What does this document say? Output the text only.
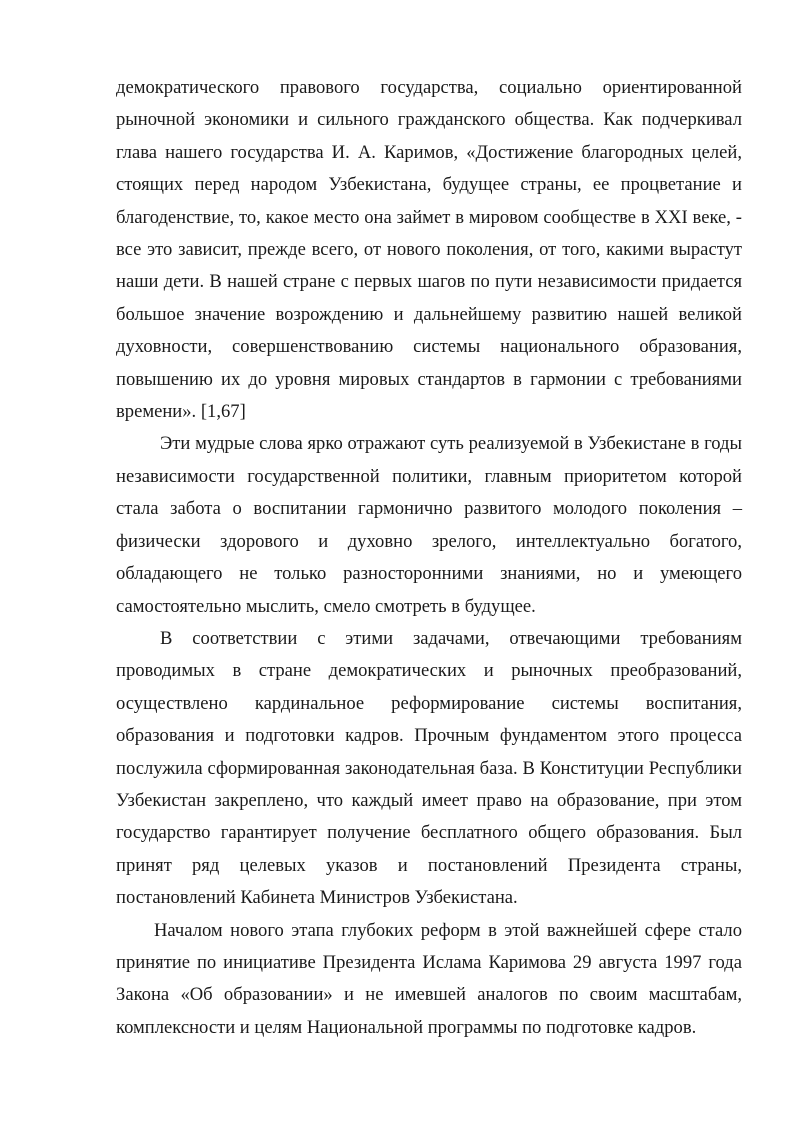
демократического правового государства, социально ориентированной рыночной экономики и сильного гражданского общества. Как подчеркивал глава нашего государства И. А. Каримов, «Достижение благородных целей, стоящих перед народом Узбекистана, будущее страны, ее процветание и благоденствие, то, какое место она займет в мировом сообществе в XXI веке, - все это зависит, прежде всего, от нового поколения, от того, какими вырастут наши дети. В нашей стране с первых шагов по пути независимости придается большое значение возрождению и дальнейшему развитию нашей великой духовности, совершенствованию системы национального образования, повышению их до уровня мировых стандартов в гармонии с требованиями времени». [1,67]

Эти мудрые слова ярко отражают суть реализуемой в Узбекистане в годы независимости государственной политики, главным приоритетом которой стала забота о воспитании гармонично развитого молодого поколения – физически здорового и духовно зрелого, интеллектуально богатого, обладающего не только разносторонними знаниями, но и умеющего самостоятельно мыслить, смело смотреть в будущее.

В соответствии с этими задачами, отвечающими требованиям проводимых в стране демократических и рыночных преобразований, осуществлено кардинальное реформирование системы воспитания, образования и подготовки кадров. Прочным фундаментом этого процесса послужила сформированная законодательная база. В Конституции Республики Узбекистан закреплено, что каждый имеет право на образование, при этом государство гарантирует получение бесплатного общего образования. Был принят ряд целевых указов и постановлений Президента страны, постановлений Кабинета Министров Узбекистана.

Началом нового этапа глубоких реформ в этой важнейшей сфере стало принятие по инициативе Президента Ислама Каримова 29 августа 1997 года Закона «Об образовании» и не имевшей аналогов по своим масштабам, комплексности и целям Национальной программы по подготовке кадров.
